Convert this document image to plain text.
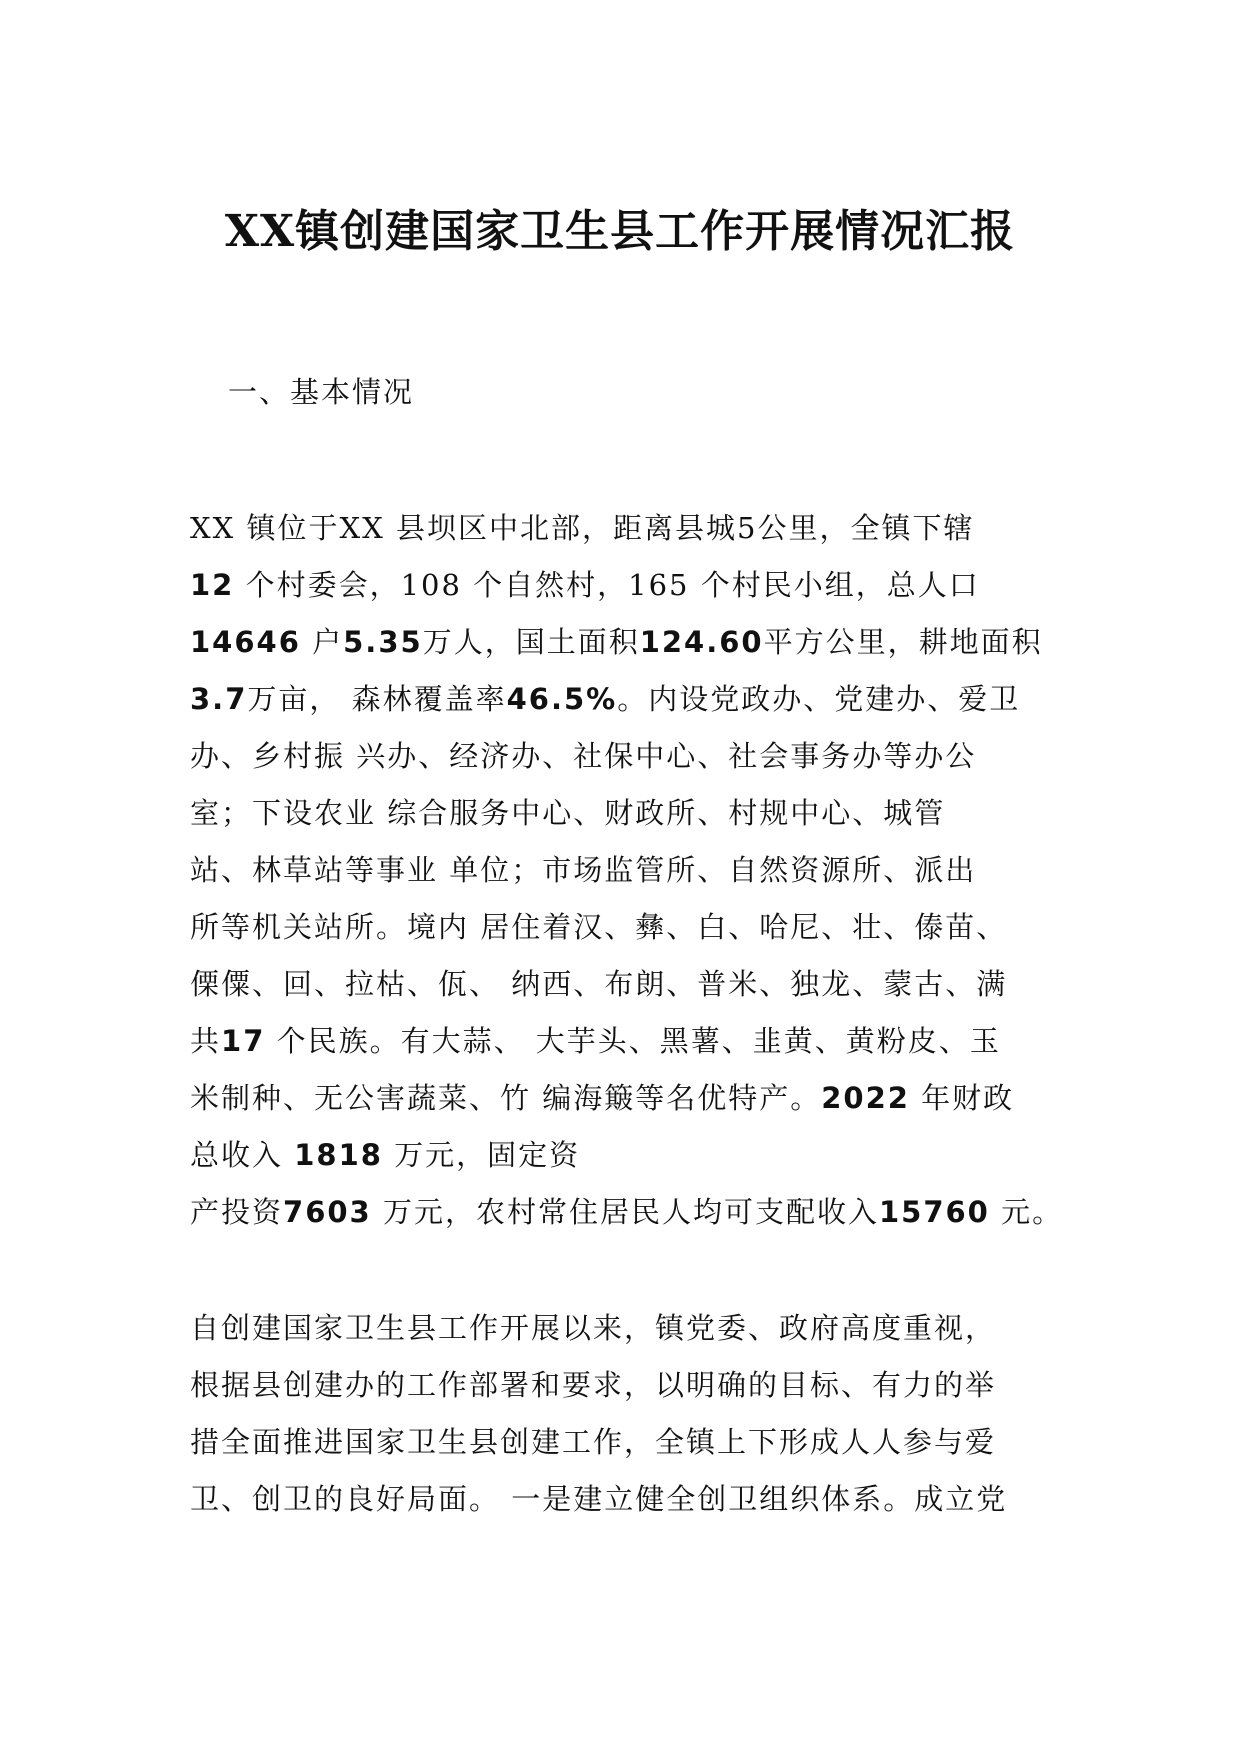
XX镇创建国家卫生县工作开展情况汇报

一、基本情况

XX 镇位于XX 县坝区中北部，距离县城5公里，全镇下辖
12 个村委会，108 个自然村，165 个村民小组，总人口
14646 户5.35万人，国土面积124.60平方公里，耕地面积
3.7万亩， 森林覆盖率46.5%。内设党政办、党建办、爱卫
办、乡村振 兴办、经济办、社保中心、社会事务办等办公
室；下设农业 综合服务中心、财政所、村规中心、城管
站、林草站等事业 单位；市场监管所、自然资源所、派出
所等机关站所。境内 居住着汉、彝、白、哈尼、壮、傣苗、
傈僳、回、拉枯、佤、 纳西、布朗、普米、独龙、蒙古、满
共17 个民族。有大蒜、 大芋头、黑薯、韭黄、黄粉皮、玉
米制种、无公害蔬菜、竹 编海簸等名优特产。2022 年财政
总收入 1818 万元，固定资
产投资7603 万元，农村常住居民人均可支配收入15760 元。
自创建国家卫生县工作开展以来，镇党委、政府高度重视，
根据县创建办的工作部署和要求，以明确的目标、有力的举
措全面推进国家卫生县创建工作，全镇上下形成人人参与爱
卫、创卫的良好局面。 一是建立健全创卫组织体系。成立党
